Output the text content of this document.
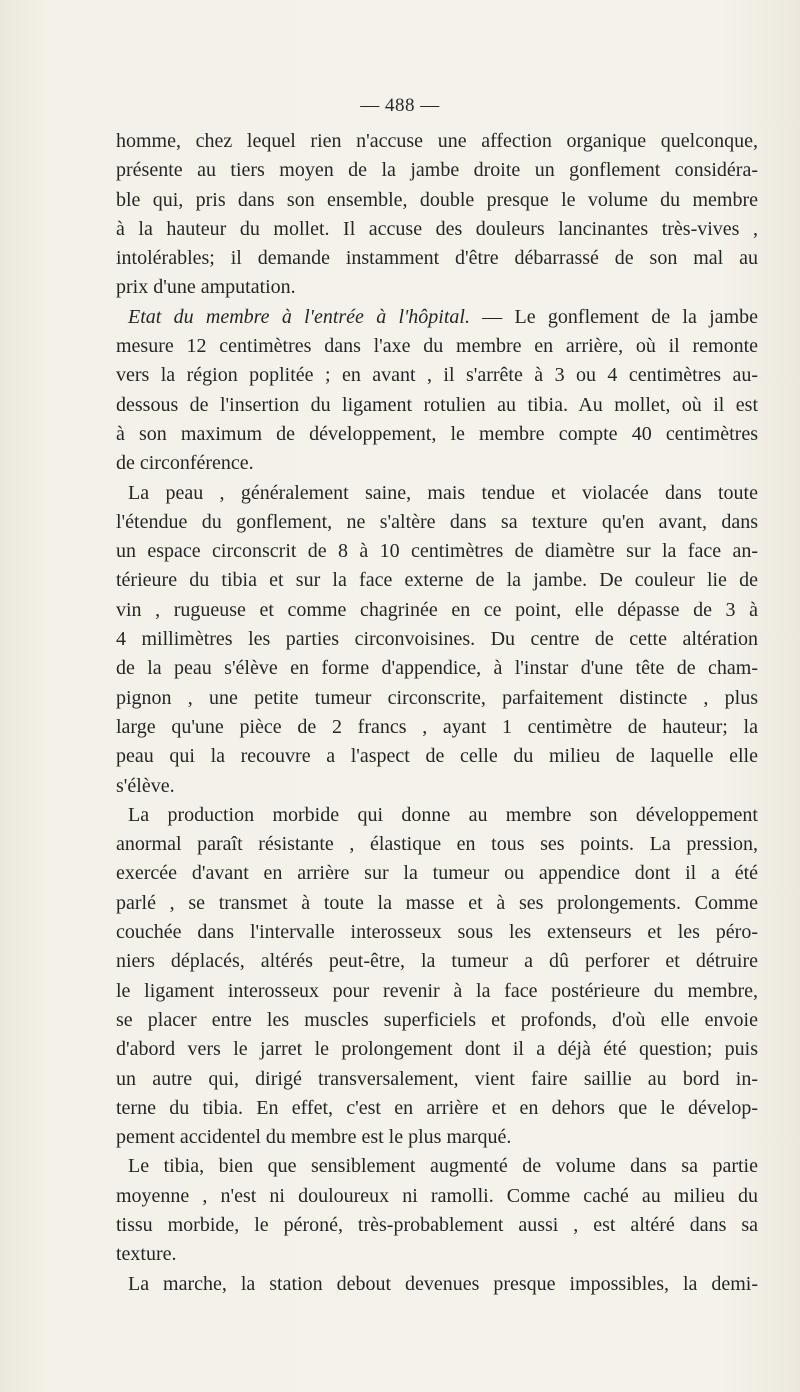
— 488 —
homme, chez lequel rien n'accuse une affection organique quelconque,
présente au tiers moyen de la jambe droite un gonflement considéra-
ble qui, pris dans son ensemble, double presque le volume du membre
à la hauteur du mollet. Il accuse des douleurs lancinantes très-vives ,
intolérables; il demande instamment d'être débarrassé de son mal au
prix d'une amputation.
Etat du membre à l'entrée à l'hôpital. — Le gonflement de la jambe
mesure 12 centimètres dans l'axe du membre en arrière, où il remonte
vers la région poplitée ; en avant , il s'arrête à 3 ou 4 centimètres au-
dessous de l'insertion du ligament rotulien au tibia. Au mollet, où il est
à son maximum de développement, le membre compte 40 centimètres
de circonférence.
La peau , généralement saine, mais tendue et violacée dans toute
l'étendue du gonflement, ne s'altère dans sa texture qu'en avant, dans
un espace circonscrit de 8 à 10 centimètres de diamètre sur la face an-
térieure du tibia et sur la face externe de la jambe. De couleur lie de
vin , rugueuse et comme chagrinée en ce point, elle dépasse de 3 à
4 millimètres les parties circonvoisines. Du centre de cette altération
de la peau s'élève en forme d'appendice, à l'instar d'une tête de cham-
pignon , une petite tumeur circonscrite, parfaitement distincte , plus
large qu'une pièce de 2 francs , ayant 1 centimètre de hauteur; la
peau qui la recouvre a l'aspect de celle du milieu de laquelle elle
s'élève.
La production morbide qui donne au membre son développement
anormal paraît résistante , élastique en tous ses points. La pression,
exercée d'avant en arrière sur la tumeur ou appendice dont il a été
parlé , se transmet à toute la masse et à ses prolongements. Comme
couchée dans l'intervalle interosseux sous les extenseurs et les péro-
niers déplacés, altérés peut-être, la tumeur a dû perforer et détruire
le ligament interosseux pour revenir à la face postérieure du membre,
se placer entre les muscles superficiels et profonds, d'où elle envoie
d'abord vers le jarret le prolongement dont il a déjà été question; puis
un autre qui, dirigé transversalement, vient faire saillie au bord in-
terne du tibia. En effet, c'est en arrière et en dehors que le dévelop-
pement accidentel du membre est le plus marqué.
Le tibia, bien que sensiblement augmenté de volume dans sa partie
moyenne , n'est ni douloureux ni ramolli. Comme caché au milieu du
tissu morbide, le péroné, très-probablement aussi , est altéré dans sa
texture.
La marche, la station debout devenues presque impossibles, la demi-
